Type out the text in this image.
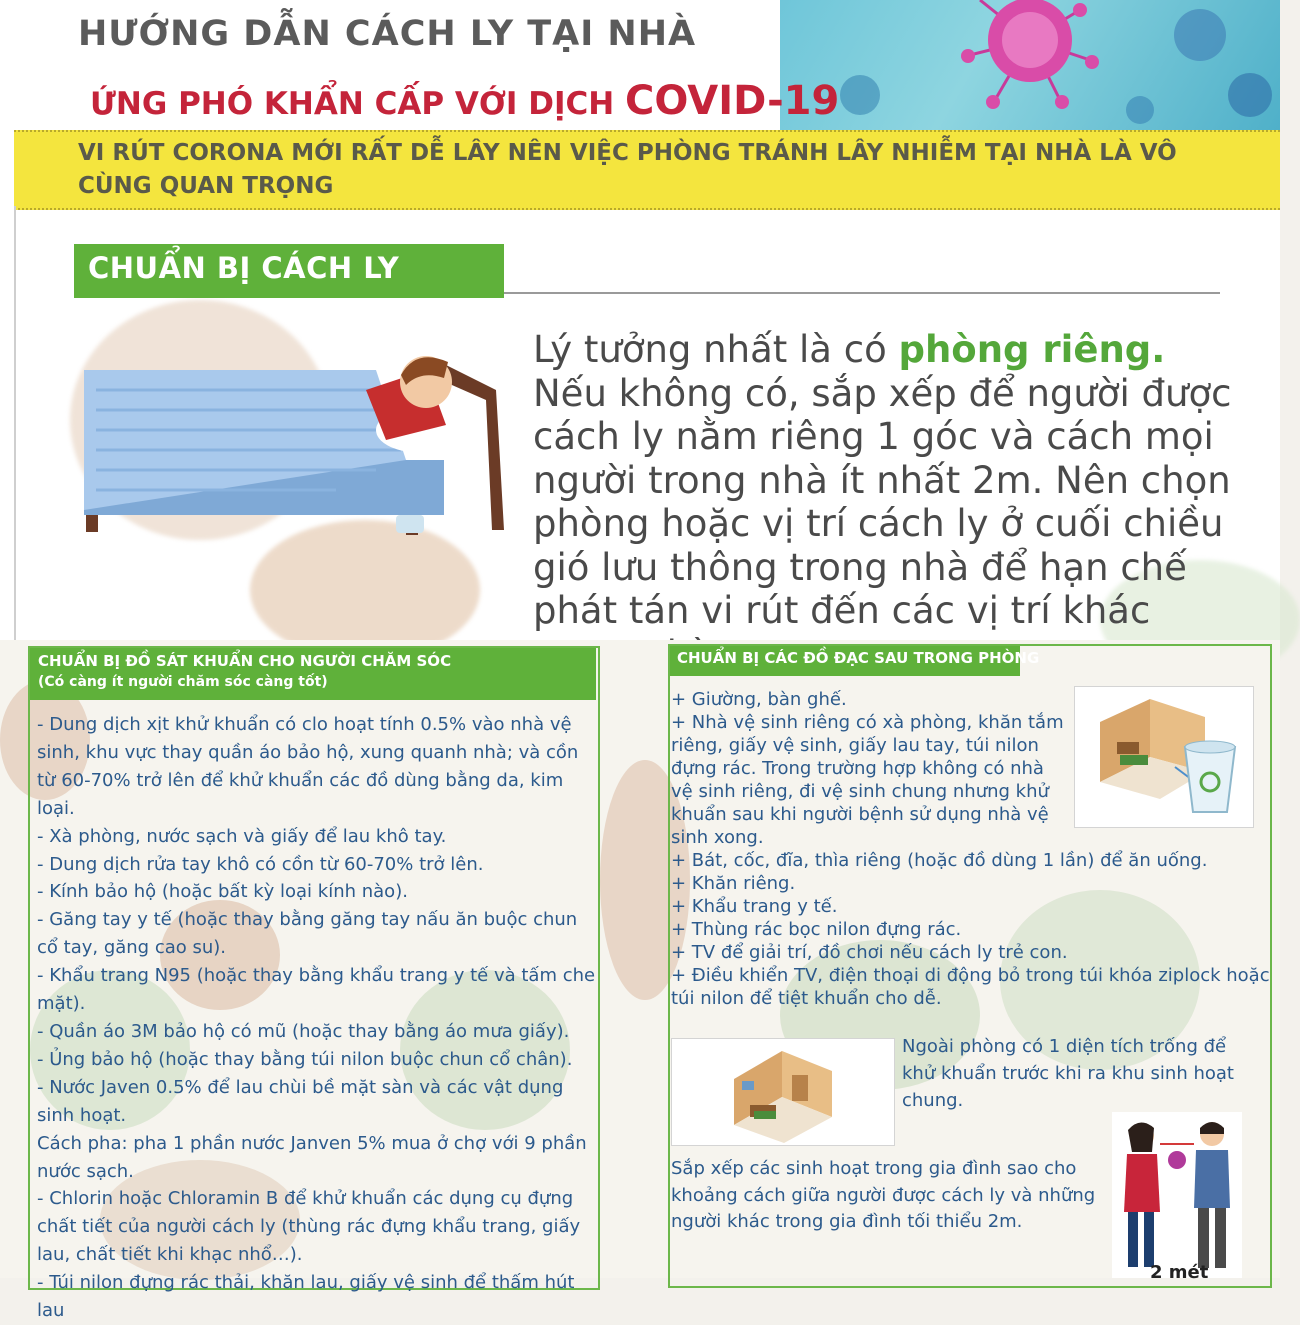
HƯỚNG DẪN CÁCH LY TẠI NHÀ
ỨNG PHÓ KHẨN CẤP VỚI DỊCH COVID-19
VI RÚT CORONA MỚI RẤT DỄ LÂY NÊN VIỆC PHÒNG TRÁNH LÂY NHIỄM TẠI NHÀ LÀ VÔ CÙNG QUAN TRỌNG
CHUẨN BỊ CÁCH LY
Lý tưởng nhất là có phòng riêng. Nếu không có, sắp xếp để người được cách ly nằm riêng 1 góc và cách mọi người trong nhà ít nhất 2m. Nên chọn phòng hoặc vị trí cách ly ở cuối chiều gió lưu thông trong nhà để hạn chế phát tán vi rút đến các vị trí khác
CHUẨN BỊ ĐỒ SÁT KHUẨN CHO NGƯỜI CHĂM SÓC
(Có càng ít người chăm sóc càng tốt)
- Dung dịch xịt khử khuẩn có clo hoạt tính 0.5% vào nhà vệ sinh, khu vực thay quần áo bảo hộ, xung quanh nhà; và cồn từ 60-70% trở lên để khử khuẩn các đồ dùng bằng da, kim loại.
- Xà phòng, nước sạch và giấy để lau khô tay.
- Dung dịch rửa tay khô có cồn từ 60-70% trở lên.
- Kính bảo hộ (hoặc bất kỳ loại kính nào).
- Găng tay y tế (hoặc thay bằng găng tay nấu ăn buộc chun cổ tay, găng cao su).
- Khẩu trang N95 (hoặc thay bằng khẩu trang y tế và tấm che mặt).
- Quần áo 3M bảo hộ có mũ (hoặc thay bằng áo mưa giấy).
- Ủng bảo hộ (hoặc thay bằng túi nilon buộc chun cổ chân).
- Nước Javen 0.5% để lau chùi bề mặt sàn và các vật dụng sinh hoạt.
Cách pha: pha 1 phần nước Janven 5% mua ở chợ với 9 phần nước sạch.
- Chlorin hoặc Chloramin B để khử khuẩn các dụng cụ đựng chất tiết của người cách ly (thùng rác đựng khẩu trang, giấy lau, chất tiết khi khạc nhổ…).
- Túi nilon đựng rác thải, khăn lau, giấy vệ sinh để thấm hút lau
CHUẨN BỊ CÁC ĐỒ ĐẠC SAU TRONG PHÒNG
+ Giường, bàn ghế.
+ Nhà vệ sinh riêng có xà phòng, khăn tắm riêng, giấy vệ sinh, giấy lau tay, túi nilon đựng rác. Trong trường hợp không có nhà vệ sinh riêng, đi vệ sinh chung nhưng khử khuẩn sau khi người bệnh sử dụng nhà vệ sinh xong.
+ Bát, cốc, đĩa, thìa riêng (hoặc đồ dùng 1 lần) để ăn uống.
+ Khăn riêng.
+ Khẩu trang y tế.
+ Thùng rác bọc nilon đựng rác.
+ TV để giải trí, đồ chơi nếu cách ly trẻ con.
+ Điều khiển TV, điện thoại di động bỏ trong túi khóa ziplock hoặc túi nilon để tiệt khuẩn cho dễ.
Ngoài phòng có 1 diện tích trống để khử khuẩn trước khi ra khu sinh hoạt chung.
Sắp xếp các sinh hoạt trong gia đình sao cho khoảng cách giữa người được cách ly và những người khác trong gia đình tối thiểu 2m.
2 mét
